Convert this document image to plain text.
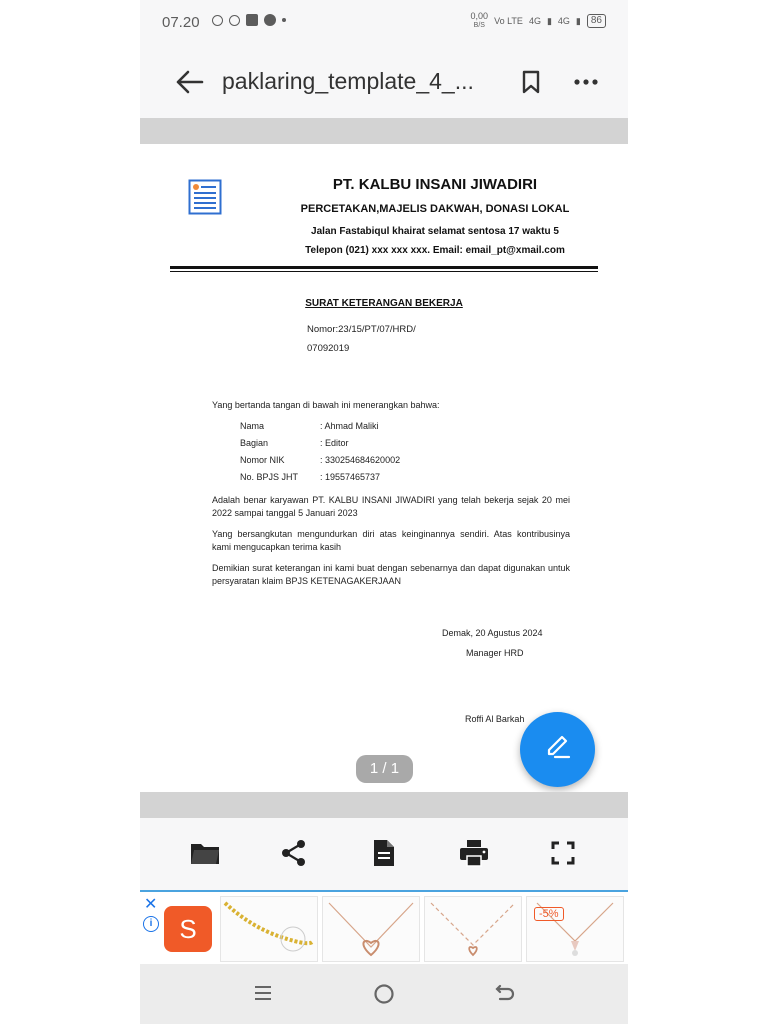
07.20	0,00
B/S	Vo LTE 4G ▮ 4G ▮	86
paklaring_template_4_...
PT. KALBU INSANI JIWADIRI
PERCETAKAN,MAJELIS DAKWAH, DONASI LOKAL
Jalan Fastabiqul khairat selamat sentosa 17 waktu 5
Telepon (021) xxx xxx xxx. Email: email_pt@xmail.com
SURAT KETERANGAN BEKERJA
Nomor:23/15/PT/07/HRD/
07092019

Yang bertanda tangan di bawah ini menerangkan bahwa:

Nama	: Ahmad Maliki
Bagian	: Editor
Nomor NIK	: 330254684620002
No. BPJS JHT	: 19557465737

Adalah benar karyawan PT. KALBU INSANI JIWADIRI yang telah bekerja sejak 20 mei 2022 sampai tanggal 5 Januari 2023

Yang bersangkutan mengundurkan diri atas keinginannya sendiri. Atas kontribusinya kami mengucapkan terima kasih

Demikian surat keterangan ini kami buat dengan sebenarnya dan dapat digunakan untuk persyaratan klaim BPJS KETENAGAKERJAAN

Demak, 20 Agustus 2024
Manager HRD
Roffi Al Barkah
1 / 1
✕
i	S	-5%
